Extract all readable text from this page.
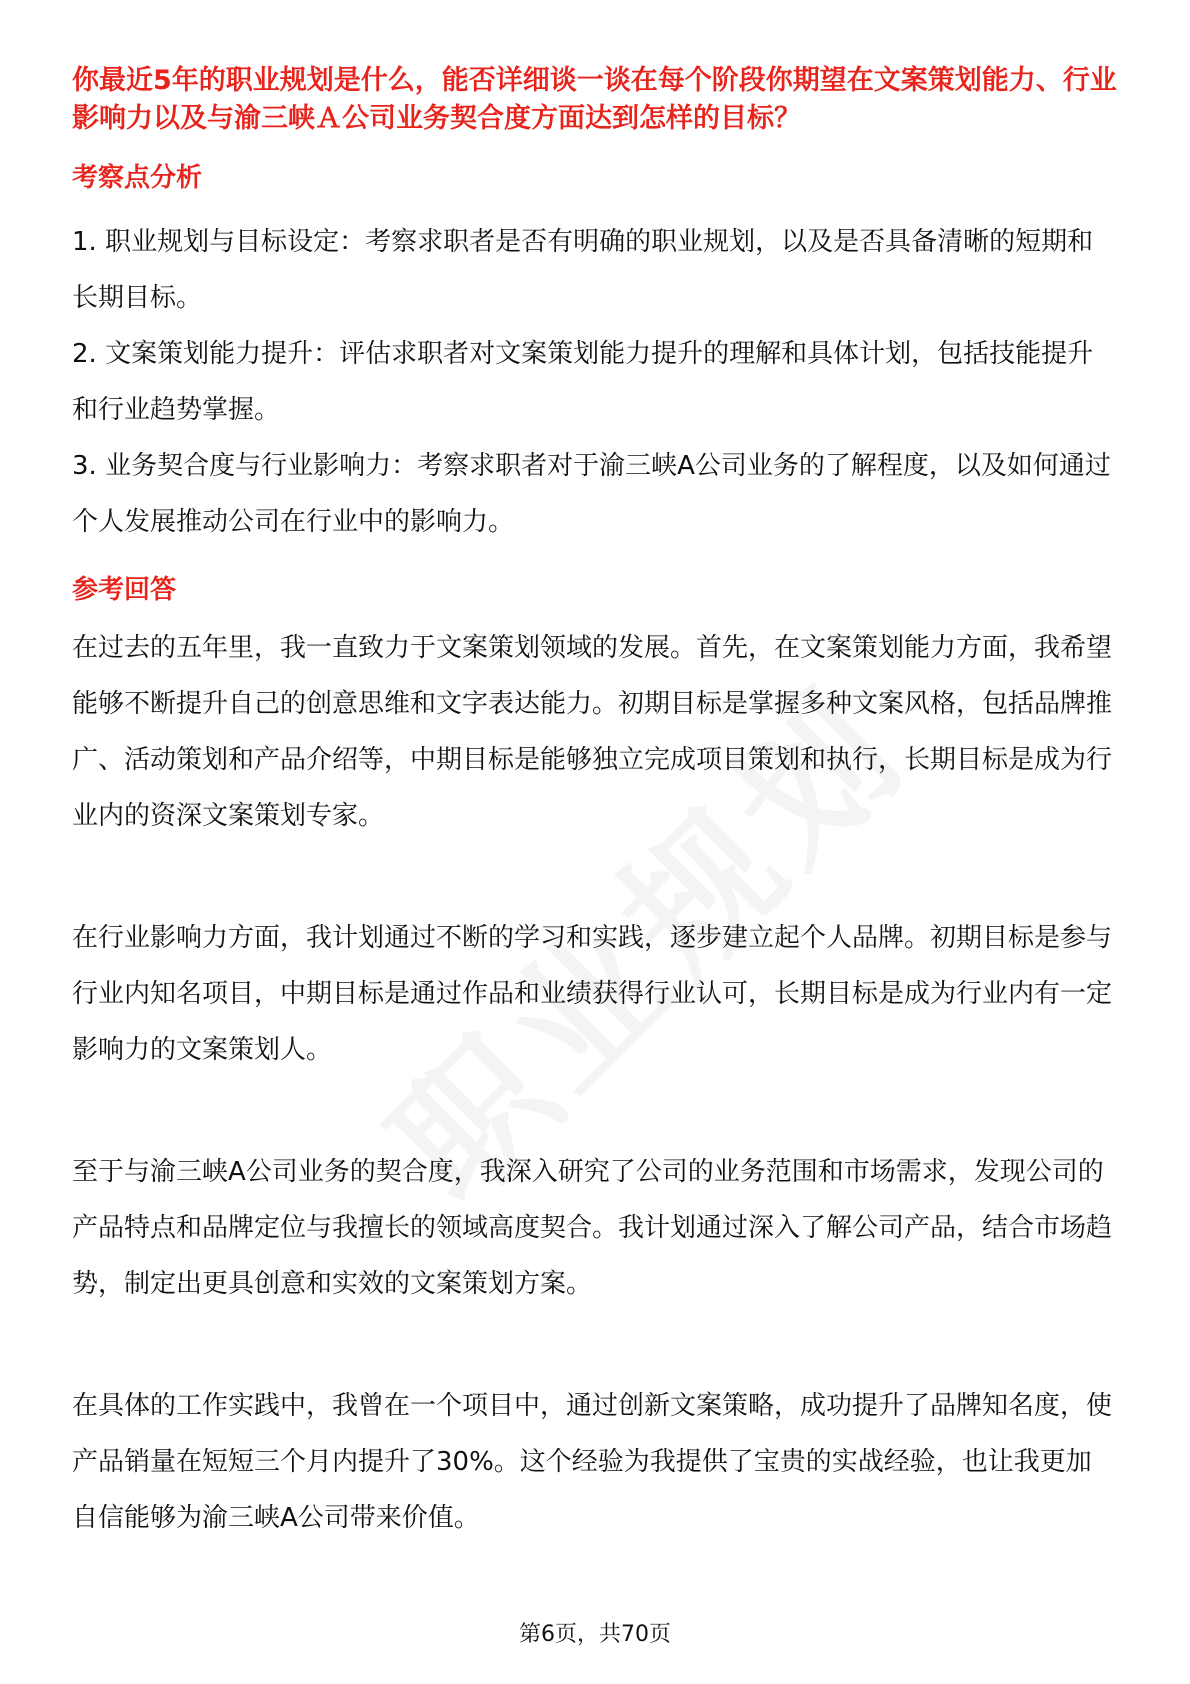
你最近5年的职业规划是什么，能否详细谈一谈在每个阶段你期望在文案策划能力、行业影响力以及与渝三峡Ａ公司业务契合度方面达到怎样的目标？
考察点分析

1. 职业规划与目标设定：考察求职者是否有明确的职业规划，以及是否具备清晰的短期和长期目标。

2. 文案策划能力提升：评估求职者对文案策划能力提升的理解和具体计划，包括技能提升和行业趋势掌握。

3. 业务契合度与行业影响力：考察求职者对于渝三峡A公司业务的了解程度，以及如何通过个人发展推动公司在行业中的影响力。

参考回答

在过去的五年里，我一直致力于文案策划领域的发展。首先，在文案策划能力方面，我希望能够不断提升自己的创意思维和文字表达能力。初期目标是掌握多种文案风格，包括品牌推广、活动策划和产品介绍等，中期目标是能够独立完成项目策划和执行，长期目标是成为行业内的资深文案策划专家。

在行业影响力方面，我计划通过不断的学习和实践，逐步建立起个人品牌。初期目标是参与行业内知名项目，中期目标是通过作品和业绩获得行业认可，长期目标是成为行业内有一定影响力的文案策划人。

至于与渝三峡A公司业务的契合度，我深入研究了公司的业务范围和市场需求，发现公司的产品特点和品牌定位与我擅长的领域高度契合。我计划通过深入了解公司产品，结合市场趋势，制定出更具创意和实效的文案策划方案。

在具体的工作实践中，我曾在一个项目中，通过创新文案策略，成功提升了品牌知名度，使产品销量在短短三个月内提升了30%。这个经验为我提供了宝贵的实战经验，也让我更加自信能够为渝三峡A公司带来价值。

第6页，共70页
